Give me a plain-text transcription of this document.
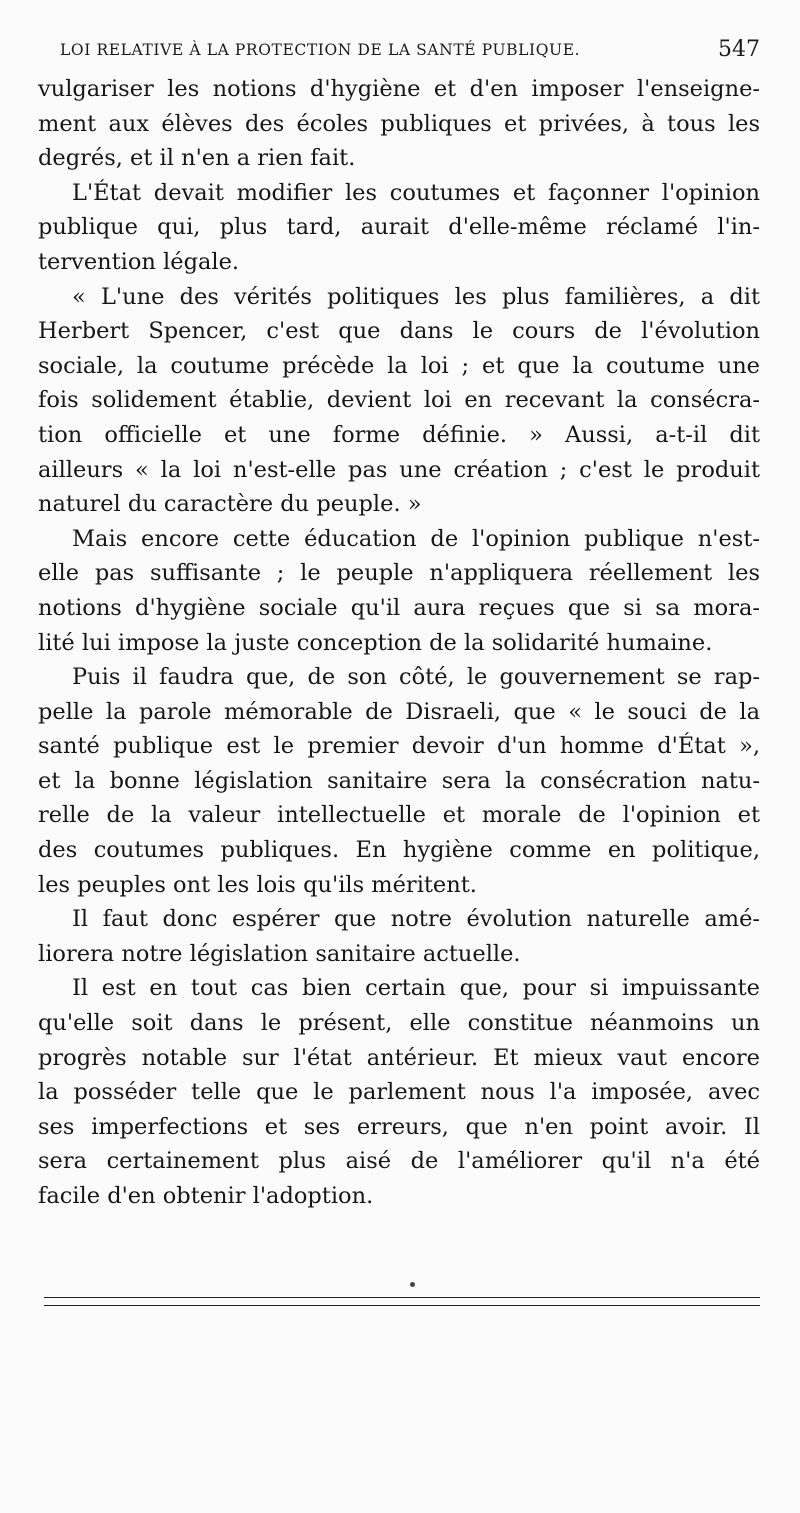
LOI RELATIVE À LA PROTECTION DE LA SANTÉ PUBLIQUE.	547

vulgariser les notions d'hygiène et d'en imposer l'enseigne-
ment aux élèves des écoles publiques et privées, à tous les
degrés, et il n'en a rien fait.

L'État devait modifier les coutumes et façonner l'opinion
publique qui, plus tard, aurait d'elle-même réclamé l'in-
tervention légale.

« L'une des vérités politiques les plus familières, a dit
Herbert Spencer, c'est que dans le cours de l'évolution
sociale, la coutume précède la loi ; et que la coutume une
fois solidement établie, devient loi en recevant la consécra-
tion officielle et une forme définie. » Aussi, a-t-il dit
ailleurs « la loi n'est-elle pas une création ; c'est le produit
naturel du caractère du peuple. »

Mais encore cette éducation de l'opinion publique n'est-
elle pas suffisante ; le peuple n'appliquera réellement les
notions d'hygiène sociale qu'il aura reçues que si sa mora-
lité lui impose la juste conception de la solidarité humaine.

Puis il faudra que, de son côté, le gouvernement se rap-
pelle la parole mémorable de Disraeli, que « le souci de la
santé publique est le premier devoir d'un homme d'État »,
et la bonne législation sanitaire sera la consécration natu-
relle de la valeur intellectuelle et morale de l'opinion et
des coutumes publiques. En hygiène comme en politique,
les peuples ont les lois qu'ils méritent.

Il faut donc espérer que notre évolution naturelle amé-
liorera notre législation sanitaire actuelle.

Il est en tout cas bien certain que, pour si impuissante
qu'elle soit dans le présent, elle constitue néanmoins un
progrès notable sur l'état antérieur. Et mieux vaut encore
la posséder telle que le parlement nous l'a imposée, avec
ses imperfections et ses erreurs, que n'en point avoir. Il
sera certainement plus aisé de l'améliorer qu'il n'a été
facile d'en obtenir l'adoption.
